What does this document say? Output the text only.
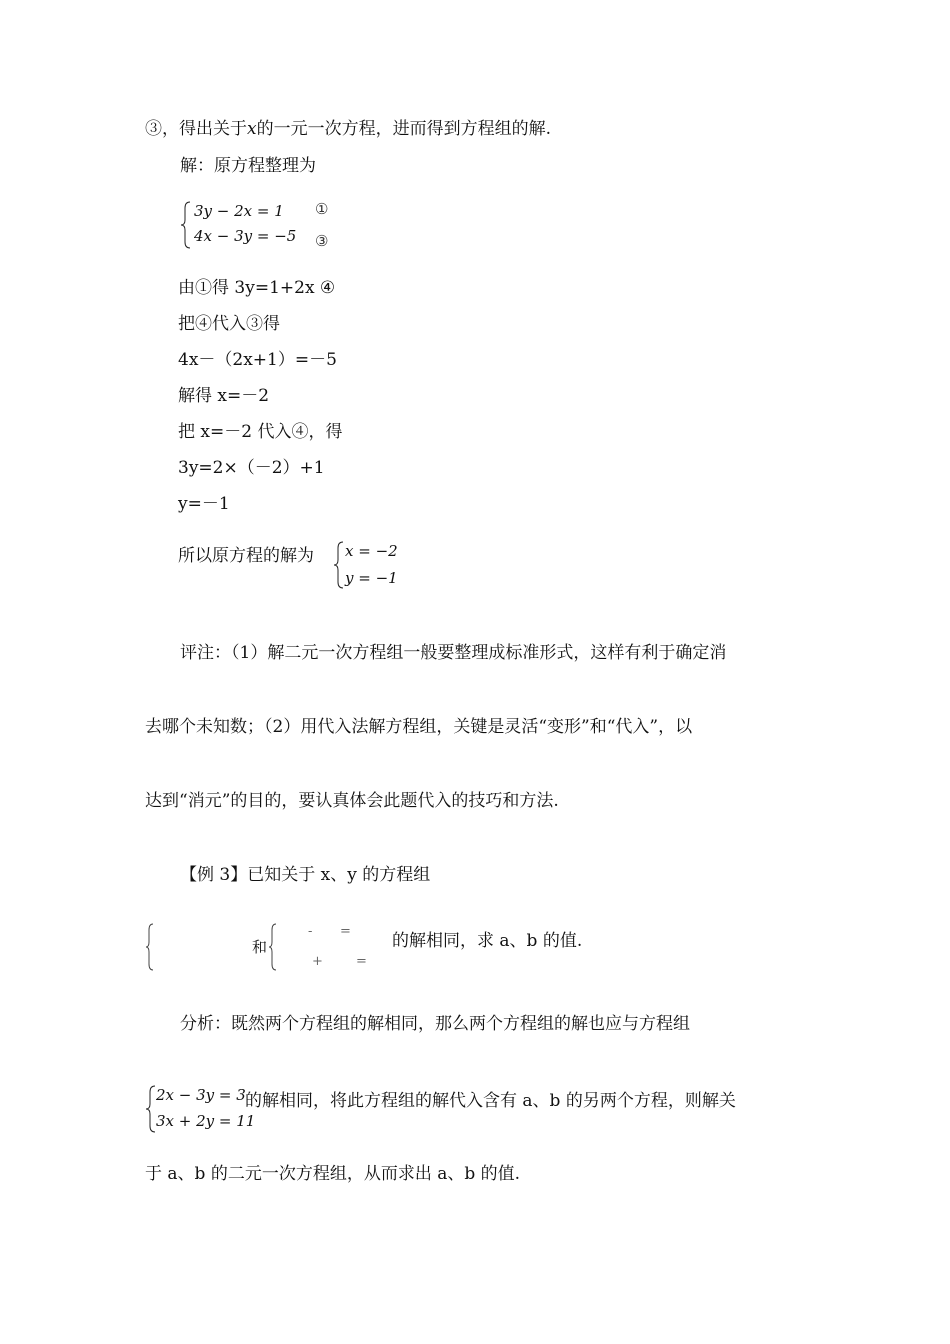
③，得出关于x的一元一次方程，进而得到方程组的解.
解：原方程整理为
3y − 2x = 1
4x − 3y = −5
①
③
由①得 3y=1+2x ④
把④代入③得
4x－（2x+1）=－5
解得 x=－2
把 x=－2 代入④，得
3y=2×（－2）+1
y=－1
所以原方程的解为 x = −2
y = −1
评注：（1）解二元一次方程组一般要整理成标准形式，这样有利于确定消
去哪个未知数；（2）用代入法解方程组，关键是灵活“变形”和“代入”，以
达到“消元”的目的，要认真体会此题代入的技巧和方法.
【例 3】已知关于 x、y 的方程组
和
- =
+	=
的解相同，求 a、b 的值.
分析：既然两个方程组的解相同，那么两个方程组的解也应与方程组
2x − 3y = 3
3x + 2y = 11
的解相同，将此方程组的解代入含有 a、b 的另两个方程，则解关
于 a、b 的二元一次方程组，从而求出 a、b 的值.
